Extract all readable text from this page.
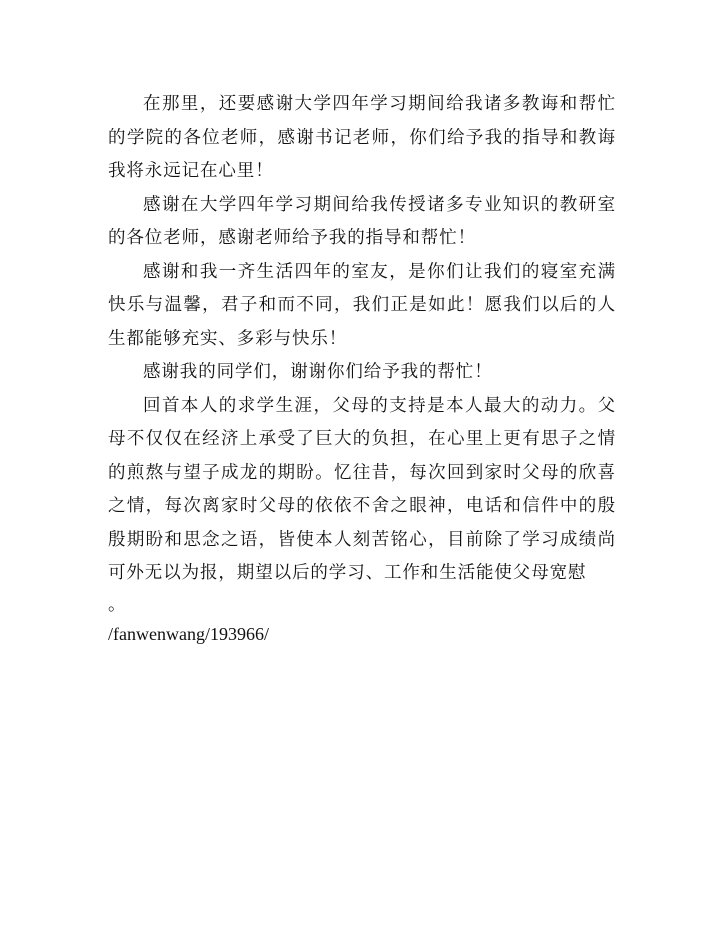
在那里，还要感谢大学四年学习期间给我诸多教诲和帮忙的学院的各位老师，感谢书记老师，你们给予我的指导和教诲我将永远记在心里！

感谢在大学四年学习期间给我传授诸多专业知识的教研室的各位老师，感谢老师给予我的指导和帮忙！

感谢和我一齐生活四年的室友，是你们让我们的寝室充满快乐与温馨，君子和而不同，我们正是如此！愿我们以后的人生都能够充实、多彩与快乐！

感谢我的同学们，谢谢你们给予我的帮忙！

回首本人的求学生涯，父母的支持是本人最大的动力。父母不仅仅在经济上承受了巨大的负担，在心里上更有思子之情的煎熬与望子成龙的期盼。忆往昔，每次回到家时父母的欣喜之情，每次离家时父母的依依不舍之眼神，电话和信件中的殷殷期盼和思念之语，皆使本人刻苦铭心，目前除了学习成绩尚可外无以为报，期望以后的学习、工作和生活能使父母宽慰

。

/fanwenwang/193966/
